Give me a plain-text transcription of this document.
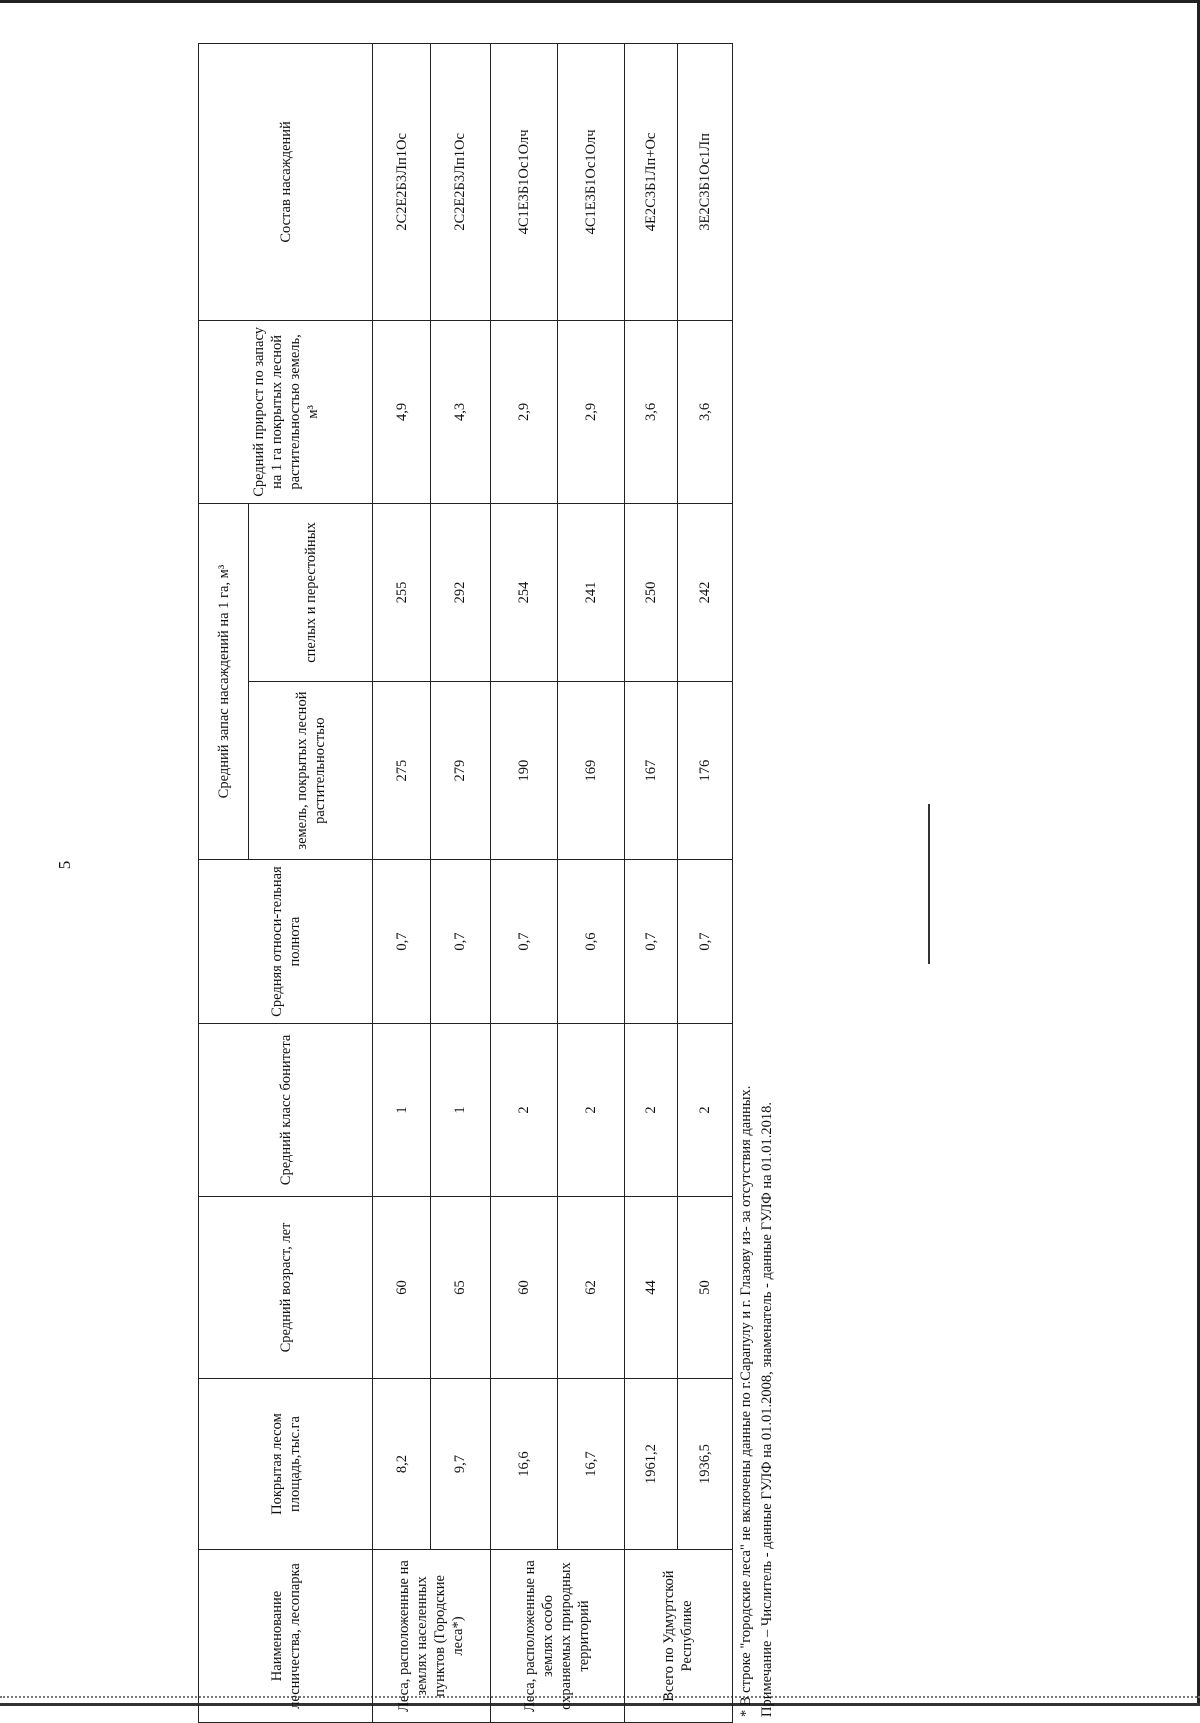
5
Наименование лесничества, лесопарка	Покрытая лесом площадь,тыс.га	Средний возраст, лет	Средний класс бонитета	Средняя относи-тельная полнота	Средний запас насаждений на 1 га, м³		Средний прирост по запасу на 1 га покрытых лесной растительностью земель, м³	Состав насаждений
					земель, покрытых лесной растительностью	спелых и перестойных		
Леса, расположенные на землях населенных пунктов (Городские леса*)	8,2	60	1	0,7	275	255	4,9	2С2Е2Б3Лп1Ос
	9,7	65	1	0,7	279	292	4,3	2С2Е2Б3Лп1Ос
Леса, расположенные на землях особо охраняемых природных территорий	16,6	60	2	0,7	190	254	2,9	4С1Е3Б1Ос1Олч
	16,7	62	2	0,6	169	241	2,9	4С1Е3Б1Ос1Олч
Всего по Удмуртской Республике	1961,2	44	2	0,7	167	250	3,6	4Е2С3Б1Лп+Ос
	1936,5	50	2	0,7	176	242	3,6	3Е2С3Б1Ос1Лп
* В строке "городские леса" не включены данные по г.Сарапулу и г. Глазову из- за отсутствия данных. Примечание – Числитель - данные ГУЛФ на 01.01.2008, знаменатель - данные ГУЛФ на 01.01.2018.
